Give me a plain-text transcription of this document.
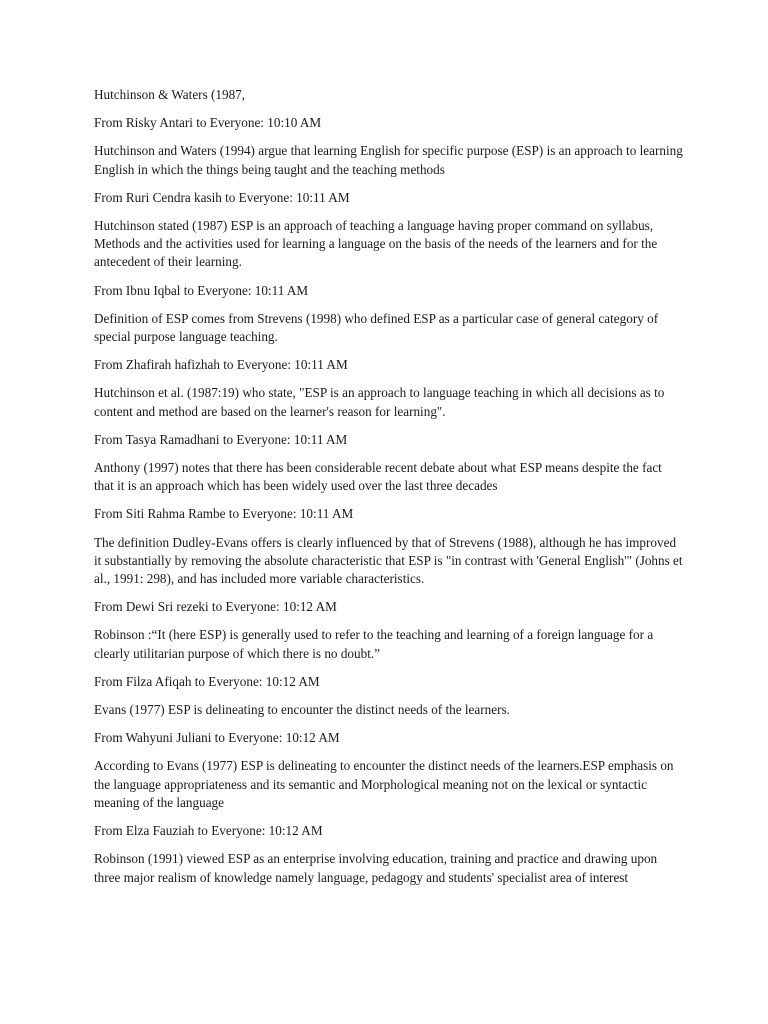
Hutchinson & Waters (1987,
From Risky Antari to Everyone: 10:10 AM
Hutchinson and Waters (1994) argue that learning English for specific purpose (ESP) is an approach to learning English in which the things being taught and the teaching methods
From Ruri Cendra kasih to Everyone: 10:11 AM
Hutchinson stated (1987) ESP is an approach of teaching a language having proper command on syllabus, Methods and the activities used for learning a language on the basis of the needs of the learners and for the antecedent of their learning.
From Ibnu Iqbal to Everyone: 10:11 AM
Definition of ESP comes from Strevens (1998) who defined ESP as a particular case of general category of special purpose language teaching.
From Zhafirah hafizhah to Everyone: 10:11 AM
Hutchinson et al. (1987:19) who state, "ESP is an approach to language teaching in which all decisions as to content and method are based on the learner's reason for learning".
From Tasya Ramadhani to Everyone: 10:11 AM
Anthony (1997) notes that there has been considerable recent debate about what ESP means despite the fact that it is an approach which has been widely used over the last three decades
From Siti Rahma Rambe to Everyone: 10:11 AM
The definition Dudley-Evans offers is clearly influenced by that of Strevens (1988), although he has improved it substantially by removing the absolute characteristic that ESP is "in contrast with 'General English'" (Johns et al., 1991: 298), and has included more variable characteristics.
From Dewi Sri rezeki to Everyone: 10:12 AM
Robinson :“It (here ESP) is generally used to refer to the teaching and learning of a foreign language for a clearly utilitarian purpose of which there is no doubt.”
From Filza Afiqah to Everyone: 10:12 AM
Evans (1977) ESP is delineating to encounter the distinct needs of the learners.
From Wahyuni Juliani to Everyone: 10:12 AM
According to Evans (1977) ESP is delineating to encounter the distinct needs of the learners.ESP emphasis on the language appropriateness and its semantic and Morphological meaning not on the lexical or syntactic meaning of the language
From Elza Fauziah to Everyone: 10:12 AM
Robinson (1991) viewed ESP as an enterprise involving education, training and practice and drawing upon three major realism of knowledge namely language, pedagogy and students' specialist area of interest
